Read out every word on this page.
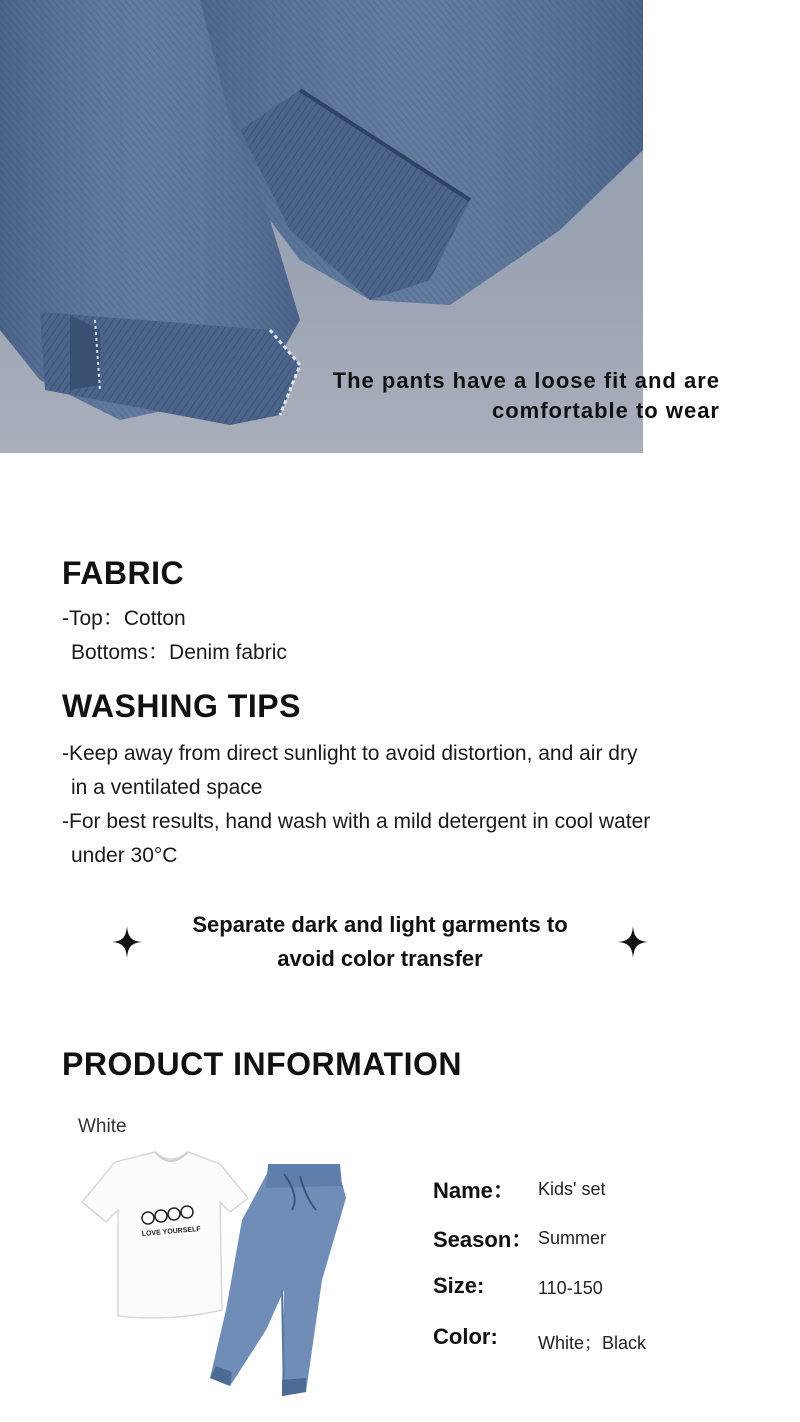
The pants have a loose fit and are
comfortable to wear
FABRIC
-Top：Cotton
Bottoms：Denim fabric
WASHING TIPS
-Keep away from direct sunlight to avoid distortion, and air dry
in a ventilated space
-For best results, hand wash with a mild detergent in cool water
under 30°C
Separate dark and light garments to
avoid color transfer
PRODUCT INFORMATION
White
LOVE YOURSELF
Name： Kids' set
Season： Summer
Size:	110-150
Color: White；Black
